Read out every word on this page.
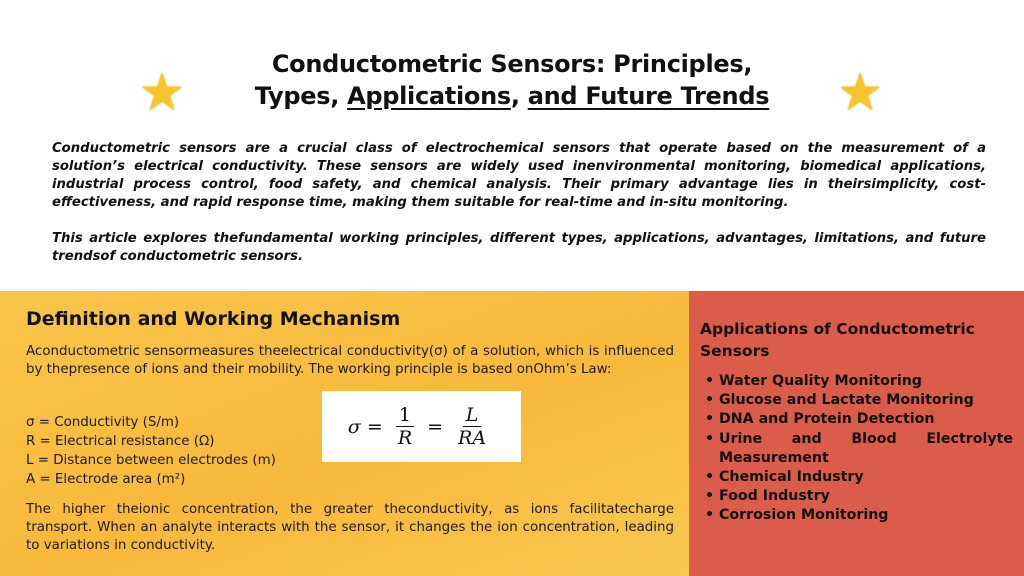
★	Conductometric Sensors: Principles,
Types, Applications, and Future Trends	★

Conductometric sensors are a crucial class of electrochemical sensors that operate based on the measurement of a solution’s electrical conductivity. These sensors are widely used inenvironmental monitoring, biomedical applications, industrial process control, food safety, and chemical analysis. Their primary advantage lies in theirsimplicity, cost-effectiveness, and rapid response time, making them suitable for real-time and in-situ monitoring.

This article explores thefundamental working principles, different types, applications, advantages, limitations, and future trendsof conductometric sensors.

Definition and Working Mechanism

Aconductometric sensormeasures theelectrical conductivity(σ) of a solution, which is influenced by thepresence of ions and their mobility. The working principle is based onOhm’s Law:

σ = Conductivity (S/m)
R = Electrical resistance (Ω)
L = Distance between electrodes (m)
A = Electrode area (m²)
$\sigma = \frac{1}{R} = \frac{L}{RA}$

The higher theionic concentration, the greater theconductivity, as ions facilitatecharge transport. When an analyte interacts with the sensor, it changes the ion concentration, leading to variations in conductivity.

Applications of Conductometric Sensors
• Water Quality Monitoring
• Glucose and Lactate Monitoring
• DNA and Protein Detection
• Urine and Blood Electrolyte Measurement
• Chemical Industry
• Food Industry
• Corrosion Monitoring
